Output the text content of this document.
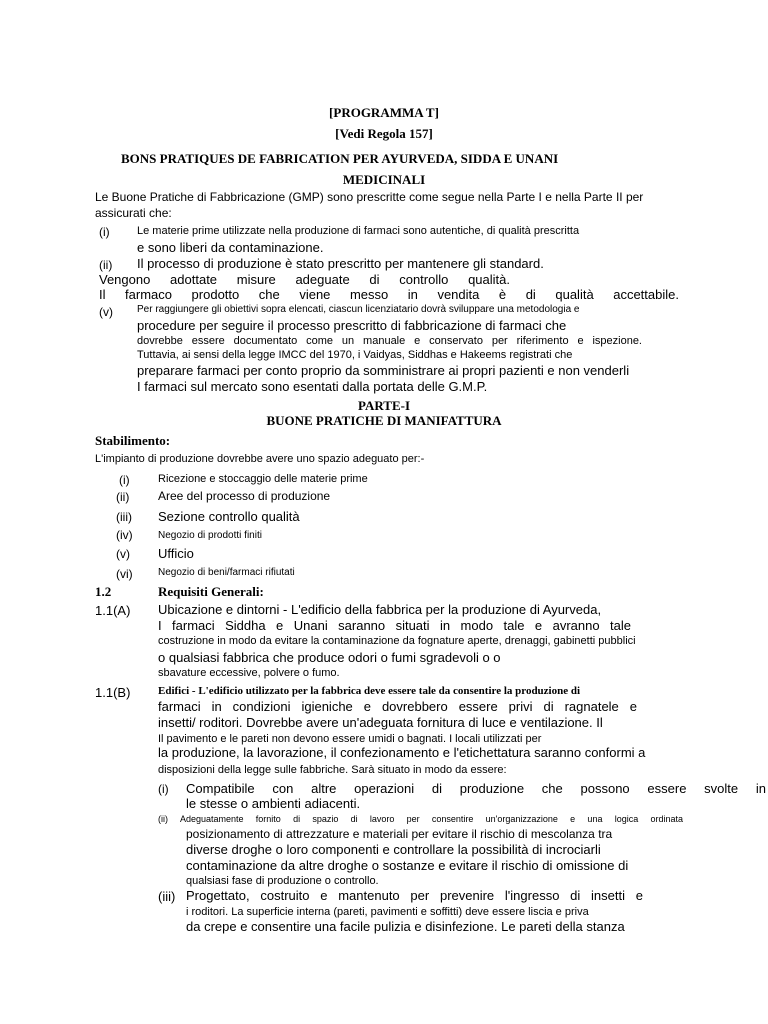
[PROGRAMMA T]
[Vedi Regola 157]
BONS PRATIQUES DE FABRICATION PER AYURVEDA, SIDDA E UNANI
MEDICINALI
Le Buone Pratiche di Fabbricazione (GMP) sono prescritte come segue nella Parte I e nella Parte II per
assicurati che:
(i) Le materie prime utilizzate nella produzione di farmaci sono autentiche, di qualità prescritta
e sono liberi da contaminazione.
(ii) Il processo di produzione è stato prescritto per mantenere gli standard.
Vengono adottate misure adeguate di controllo qualità.
Il farmaco prodotto che viene messo in vendita è di qualità accettabile.
(v) Per raggiungere gli obiettivi sopra elencati, ciascun licenziatario dovrà sviluppare una metodologia e
procedure per seguire il processo prescritto di fabbricazione di farmaci che
dovrebbe essere documentato come un manuale e conservato per riferimento e ispezione.
Tuttavia, ai sensi della legge IMCC del 1970, i Vaidyas, Siddhas e Hakeems registrati che
preparare farmaci per conto proprio da somministrare ai propri pazienti e non venderli
I farmaci sul mercato sono esentati dalla portata delle G.M.P.
PARTE-I
BUONE PRATICHE DI MANIFATTURA
Stabilimento:
L'impianto di produzione dovrebbe avere uno spazio adeguato per:-
(i)	Ricezione e stoccaggio delle materie prime
(ii) Aree del processo di produzione
(iii) Sezione controllo qualità
(iv)	Negozio di prodotti finiti
(v) Ufficio
(vi)	Negozio di beni/farmaci rifiutati
1.2	Requisiti Generali:
1.1(A) Ubicazione e dintorni - L'edificio della fabbrica per la produzione di Ayurveda,
I farmaci Siddha e Unani saranno situati in modo tale e avranno tale
costruzione in modo da evitare la contaminazione da fognature aperte, drenaggi, gabinetti pubblici
o qualsiasi fabbrica che produce odori o fumi sgradevoli o o
sbavature eccessive, polvere o fumo.
1.1(B)	Edifici - L'edificio utilizzato per la fabbrica deve essere tale da consentire la produzione di
farmaci in condizioni igieniche e dovrebbero essere privi di ragnatele e
insetti/ roditori. Dovrebbe avere un'adeguata fornitura di luce e ventilazione. Il
Il pavimento e le pareti non devono essere umidi o bagnati. I locali utilizzati per
la produzione, la lavorazione, il confezionamento e l'etichettatura saranno conformi a
disposizioni della legge sulle fabbriche. Sarà situato in modo da essere:
(i) Compatibile con altre operazioni di produzione che possono essere svolte in
le stesse o ambienti adiacenti.
(ii) Adeguatamente fornito di spazio di lavoro per consentire un'organizzazione e una logica ordinata
posizionamento di attrezzature e materiali per evitare il rischio di mescolanza tra
diverse droghe o loro componenti e controllare la possibilità di incrociarli
contaminazione da altre droghe o sostanze e evitare il rischio di omissione di
qualsiasi fase di produzione o controllo.
(iii) Progettato, costruito e mantenuto per prevenire l'ingresso di insetti e
i roditori. La superficie interna (pareti, pavimenti e soffitti) deve essere liscia e priva
da crepe e consentire una facile pulizia e disinfezione. Le pareti della stanza
